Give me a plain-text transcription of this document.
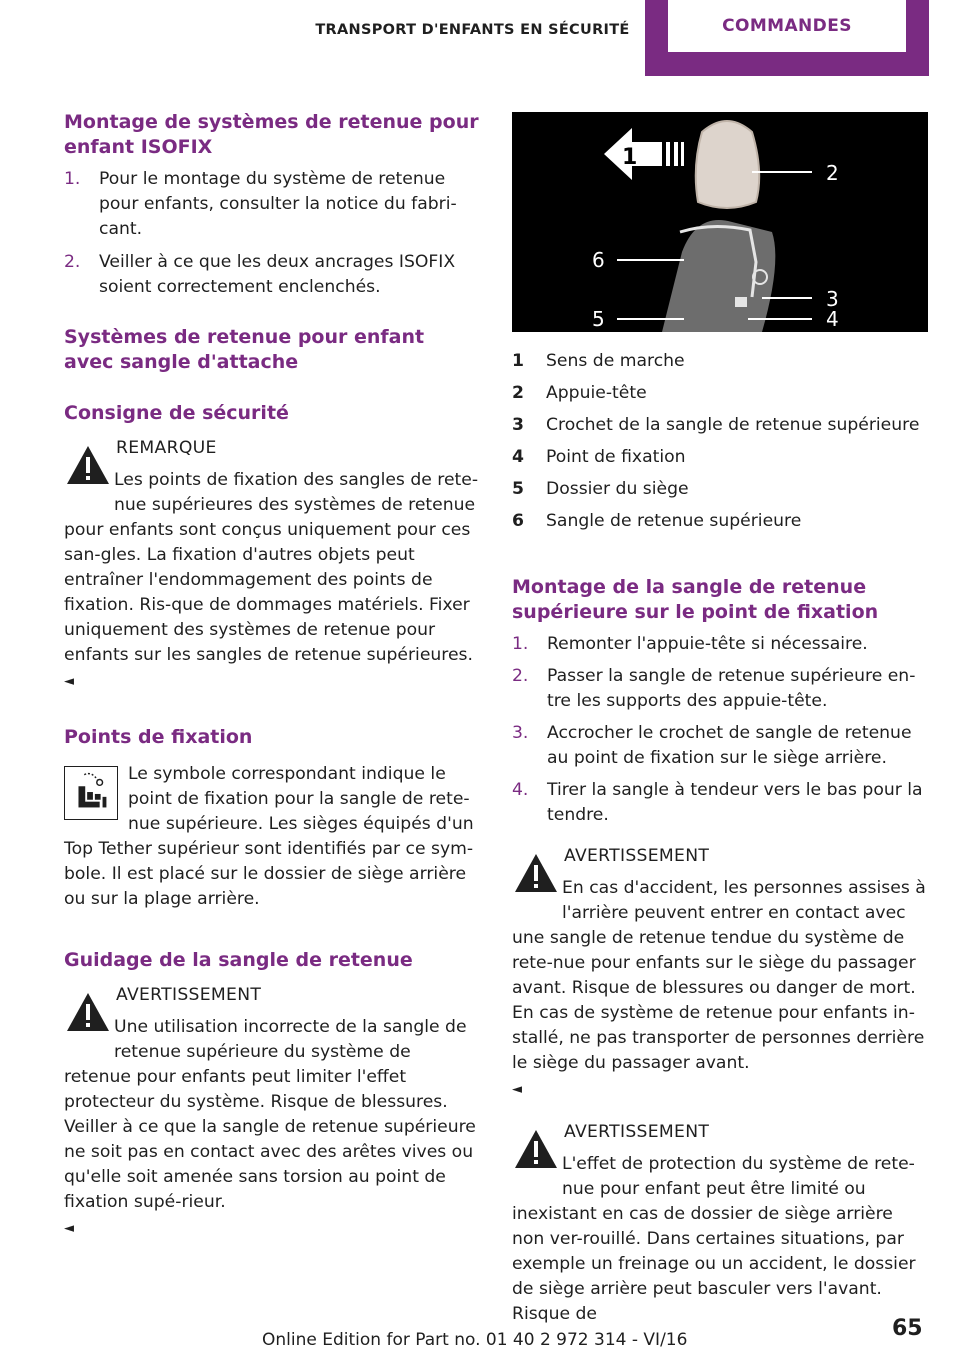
TRANSPORT D'ENFANTS EN SÉCURITÉ	COMMANDES
Montage de systèmes de retenue pour enfant ISOFIX
1. Pour le montage du système de retenue pour enfants, consulter la notice du fabri-cant.
2. Veiller à ce que les deux ancrages ISOFIX soient correctement enclenchés.
Systèmes de retenue pour enfant avec sangle d'attache
Consigne de sécurité
REMARQUE
Les points de fixation des sangles de rete-nue supérieures des systèmes de retenue pour enfants sont conçus uniquement pour ces san-gles. La fixation d'autres objets peut entraîner l'endommagement des points de fixation. Ris-que de dommages matériels. Fixer uniquement des systèmes de retenue pour enfants sur les sangles de retenue supérieures.
◄
Points de fixation
Le symbole correspondant indique le point de fixation pour la sangle de rete-nue supérieure. Les sièges équipés d'un Top Tether supérieur sont identifiés par ce sym-bole. Il est placé sur le dossier de siège arrière ou sur la plage arrière.
Guidage de la sangle de retenue
AVERTISSEMENT
Une utilisation incorrecte de la sangle de retenue supérieure du système de retenue pour enfants peut limiter l'effet protecteur du système. Risque de blessures. Veiller à ce que la sangle de retenue supérieure ne soit pas en contact avec des arêtes vives ou qu'elle soit amenée sans torsion au point de fixation supé-rieur.
◄
1
2
3
4
5
6
1	Sens de marche
2	Appuie-tête
3	Crochet de la sangle de retenue supérieure
4	Point de fixation
5	Dossier du siège
6	Sangle de retenue supérieure
Montage de la sangle de retenue supérieure sur le point de fixation
1. Remonter l'appuie-tête si nécessaire.
2. Passer la sangle de retenue supérieure en-tre les supports des appuie-tête.
3. Accrocher le crochet de sangle de retenue au point de fixation sur le siège arrière.
4. Tirer la sangle à tendeur vers le bas pour la tendre.
AVERTISSEMENT
En cas d'accident, les personnes assises à l'arrière peuvent entrer en contact avec une sangle de retenue tendue du système de rete-nue pour enfants sur le siège du passager avant. Risque de blessures ou danger de mort. En cas de système de retenue pour enfants in-stallé, ne pas transporter de personnes derrière le siège du passager avant.
◄
AVERTISSEMENT
L'effet de protection du système de rete-nue pour enfant peut être limité ou inexistant en cas de dossier de siège arrière non ver-rouillé. Dans certaines situations, par exemple un freinage ou un accident, le dossier de siège arrière peut basculer vers l'avant. Risque de
Online Edition for Part no. 01 40 2 972 314 - VI/16	65
